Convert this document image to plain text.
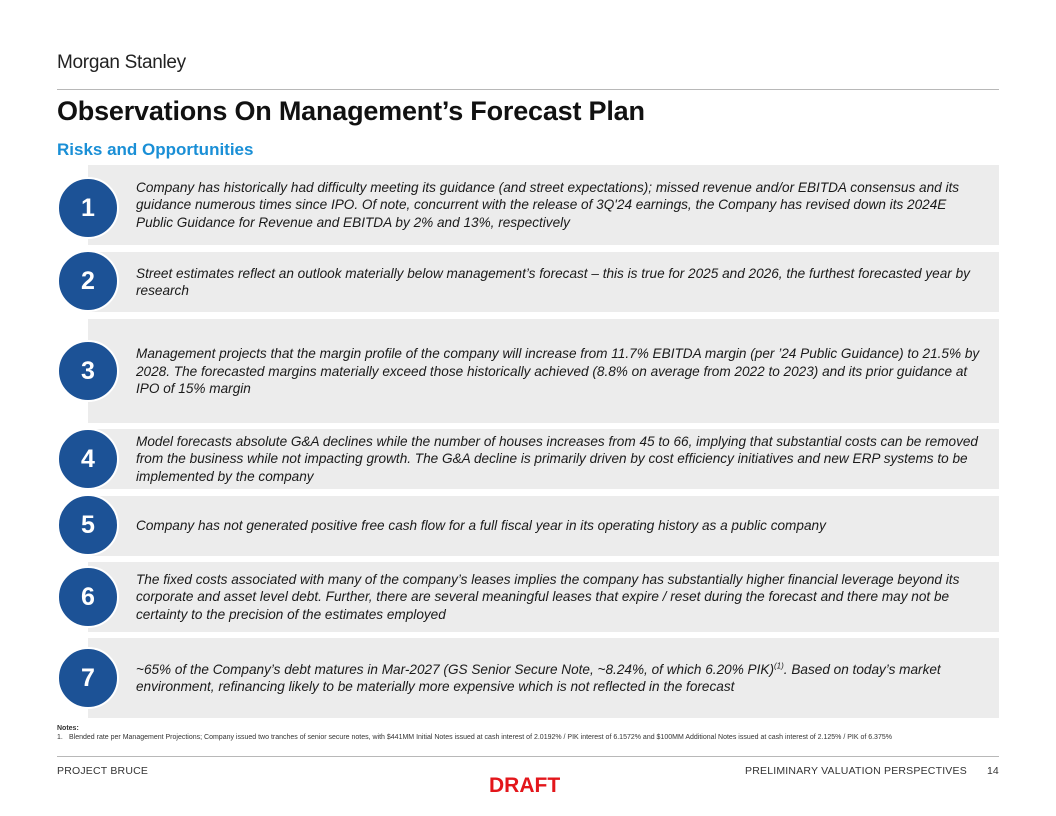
Morgan Stanley
Observations On Management’s Forecast Plan
Risks and Opportunities
Company has historically had difficulty meeting its guidance (and street expectations); missed revenue and/or EBITDA consensus and its guidance numerous times since IPO. Of note, concurrent with the release of 3Q'24 earnings, the Company has revised down its 2024E Public Guidance for Revenue and EBITDA by 2% and 13%, respectively
1
Street estimates reflect an outlook materially below management’s forecast – this is true for 2025 and 2026, the furthest forecasted year by research
2
Management projects that the margin profile of the company will increase from 11.7% EBITDA margin (per ’24 Public Guidance) to 21.5% by 2028. The forecasted margins materially exceed those historically achieved (8.8% on average from 2022 to 2023) and its prior guidance at IPO of 15% margin
3
Model forecasts absolute G&A declines while the number of houses increases from 45 to 66, implying that substantial costs can be removed from the business while not impacting growth. The G&A decline is primarily driven by cost efficiency initiatives and new ERP systems to be implemented by the company
4
Company has not generated positive free cash flow for a full fiscal year in its operating history as a public company
5
The fixed costs associated with many of the company’s leases implies the company has substantially higher financial leverage beyond its corporate and asset level debt. Further, there are several meaningful leases that expire / reset during the forecast and there may not be certainty to the precision of the estimates employed
6
~65% of the Company’s debt matures in Mar-2027 (GS Senior Secure Note, ~8.24%, of which 6.20% PIK)$^{(1)}$. Based on today’s market environment, refinancing likely to be materially more expensive which is not reflected in the forecast
7
Notes:
1. Blended rate per Management Projections; Company issued two tranches of senior secure notes, with $441MM Initial Notes issued at cash interest of 2.0192% / PIK interest of 6.1572% and $100MM Additional Notes issued at cash interest of 2.125% / PIK of 6.375%
PROJECT BRUCE	PRELIMINARY VALUATION PERSPECTIVES 14
DRAFT
